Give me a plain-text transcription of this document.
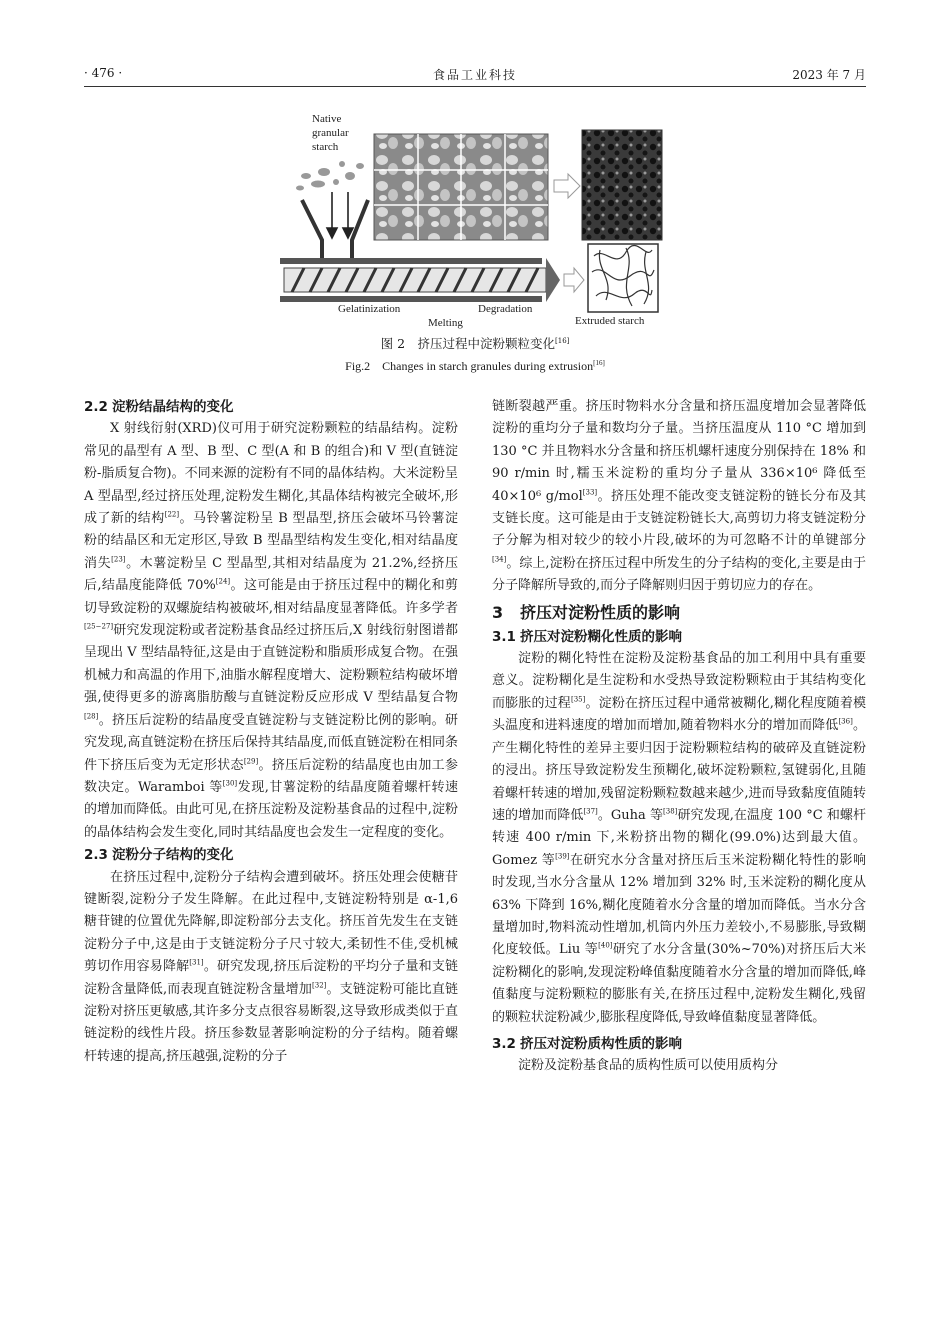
· 476 ·	食品工业科技	2023 年 7 月
Native
granular
starch
Gelatinization
Melting
Degradation
Extruded starch
图 2　挤压过程中淀粉颗粒变化[16]
Fig.2　Changes in starch granules during extrusion[16]
2.2 淀粉结晶结构的变化

X 射线衍射(XRD)仪可用于研究淀粉颗粒的结晶结构。淀粉常见的晶型有 A 型、B 型、C 型(A 和 B 的组合)和 V 型(直链淀粉-脂质复合物)。不同来源的淀粉有不同的晶体结构。大米淀粉呈 A 型晶型,经过挤压处理,淀粉发生糊化,其晶体结构被完全破坏,形成了新的结构[22]。马铃薯淀粉呈 B 型晶型,挤压会破坏马铃薯淀粉的结晶区和无定形区,导致 B 型晶型结构发生变化,相对结晶度消失[23]。木薯淀粉呈 C 型晶型,其相对结晶度为 21.2%,经挤压后,结晶度能降低 70%[24]。这可能是由于挤压过程中的糊化和剪切导致淀粉的双螺旋结构被破坏,相对结晶度显著降低。许多学者[25−27]研究发现淀粉或者淀粉基食品经过挤压后,X 射线衍射图谱都呈现出 V 型结晶特征,这是由于直链淀粉和脂质形成复合物。在强机械力和高温的作用下,油脂水解程度增大、淀粉颗粒结构破坏增强,使得更多的游离脂肪酸与直链淀粉反应形成 V 型结晶复合物[28]。挤压后淀粉的结晶度受直链淀粉与支链淀粉比例的影响。研究发现,高直链淀粉在挤压后保持其结晶度,而低直链淀粉在相同条件下挤压后变为无定形状态[29]。挤压后淀粉的结晶度也由加工参数决定。Waramboi 等[30]发现,甘薯淀粉的结晶度随着螺杆转速的增加而降低。由此可见,在挤压淀粉及淀粉基食品的过程中,淀粉的晶体结构会发生变化,同时其结晶度也会发生一定程度的变化。

2.3 淀粉分子结构的变化

在挤压过程中,淀粉分子结构会遭到破坏。挤压处理会使糖苷键断裂,淀粉分子发生降解。在此过程中,支链淀粉特别是 α-1,6 糖苷键的位置优先降解,即淀粉部分去支化。挤压首先发生在支链淀粉分子中,这是由于支链淀粉分子尺寸较大,柔韧性不佳,受机械剪切作用容易降解[31]。研究发现,挤压后淀粉的平均分子量和支链淀粉含量降低,而表现直链淀粉含量增加[32]。支链淀粉可能比直链淀粉对挤压更敏感,其许多分支点很容易断裂,这导致形成类似于直链淀粉的线性片段。挤压参数显著影响淀粉的分子结构。随着螺杆转速的提高,挤压越强,淀粉的分子

链断裂越严重。挤压时物料水分含量和挤压温度增加会显著降低淀粉的重均分子量和数均分子量。当挤压温度从 110 °C 增加到 130 °C 并且物料水分含量和挤压机螺杆速度分别保持在 18% 和 90 r/min 时,糯玉米淀粉的重均分子量从 336×10⁶ 降低至 40×10⁶ g/mol[33]。挤压处理不能改变支链淀粉的链长分布及其支链长度。这可能是由于支链淀粉链长大,高剪切力将支链淀粉分子分解为相对较少的较小片段,破坏的为可忽略不计的单键部分[34]。综上,淀粉在挤压过程中所发生的分子结构的变化,主要是由于分子降解所导致的,而分子降解则归因于剪切应力的存在。

3 挤压对淀粉性质的影响
3.1 挤压对淀粉糊化性质的影响

淀粉的糊化特性在淀粉及淀粉基食品的加工利用中具有重要意义。淀粉糊化是生淀粉和水受热导致淀粉颗粒由于其结构变化而膨胀的过程[35]。淀粉在挤压过程中通常被糊化,糊化程度随着模头温度和进料速度的增加而增加,随着物料水分的增加而降低[36]。产生糊化特性的差异主要归因于淀粉颗粒结构的破碎及直链淀粉的浸出。挤压导致淀粉发生预糊化,破坏淀粉颗粒,氢键弱化,且随着螺杆转速的增加,残留淀粉颗粒数越来越少,进而导致黏度值随转速的增加而降低[37]。Guha 等[38]研究发现,在温度 100 °C 和螺杆转速 400 r/min 下,米粉挤出物的糊化(99.0%)达到最大值。Gomez 等[39]在研究水分含量对挤压后玉米淀粉糊化特性的影响时发现,当水分含量从 12% 增加到 32% 时,玉米淀粉的糊化度从 63% 下降到 16%,糊化度随着水分含量的增加而降低。当水分含量增加时,物料流动性增加,机筒内外压力差较小,不易膨胀,导致糊化度较低。Liu 等[40]研究了水分含量(30%~70%)对挤压后大米淀粉糊化的影响,发现淀粉峰值黏度随着水分含量的增加而降低,峰值黏度与淀粉颗粒的膨胀有关,在挤压过程中,淀粉发生糊化,残留的颗粒状淀粉减少,膨胀程度降低,导致峰值黏度显著降低。

3.2 挤压对淀粉质构性质的影响

淀粉及淀粉基食品的质构性质可以使用质构分
